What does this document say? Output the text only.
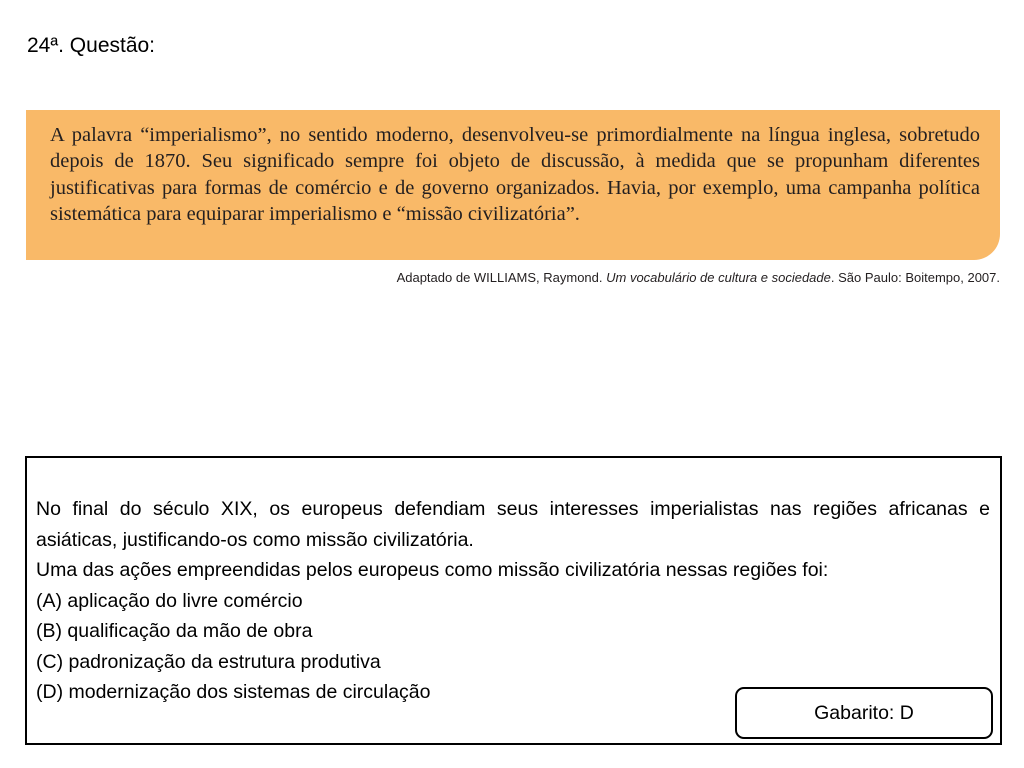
24ª. Questão:

A palavra “imperialismo”, no sentido moderno, desenvolveu-se primordialmente na língua inglesa, sobretudo depois de 1870. Seu significado sempre foi objeto de discussão, à medida que se propunham diferentes justificativas para formas de comércio e de governo organizados. Havia, por exemplo, uma campanha política sistemática para equiparar imperialismo e “missão civilizatória”.

Adaptado de WILLIAMS, Raymond. Um vocabulário de cultura e sociedade. São Paulo: Boitempo, 2007.

No final do século XIX, os europeus defendiam seus interesses imperialistas nas regiões africanas e asiáticas, justificando-os como missão civilizatória.

Uma das ações empreendidas pelos europeus como missão civilizatória nessas regiões foi:

(A) aplicação do livre comércio

(B) qualificação da mão de obra

(C) padronização da estrutura produtiva

(D) modernização dos sistemas de circulação

Gabarito: D
